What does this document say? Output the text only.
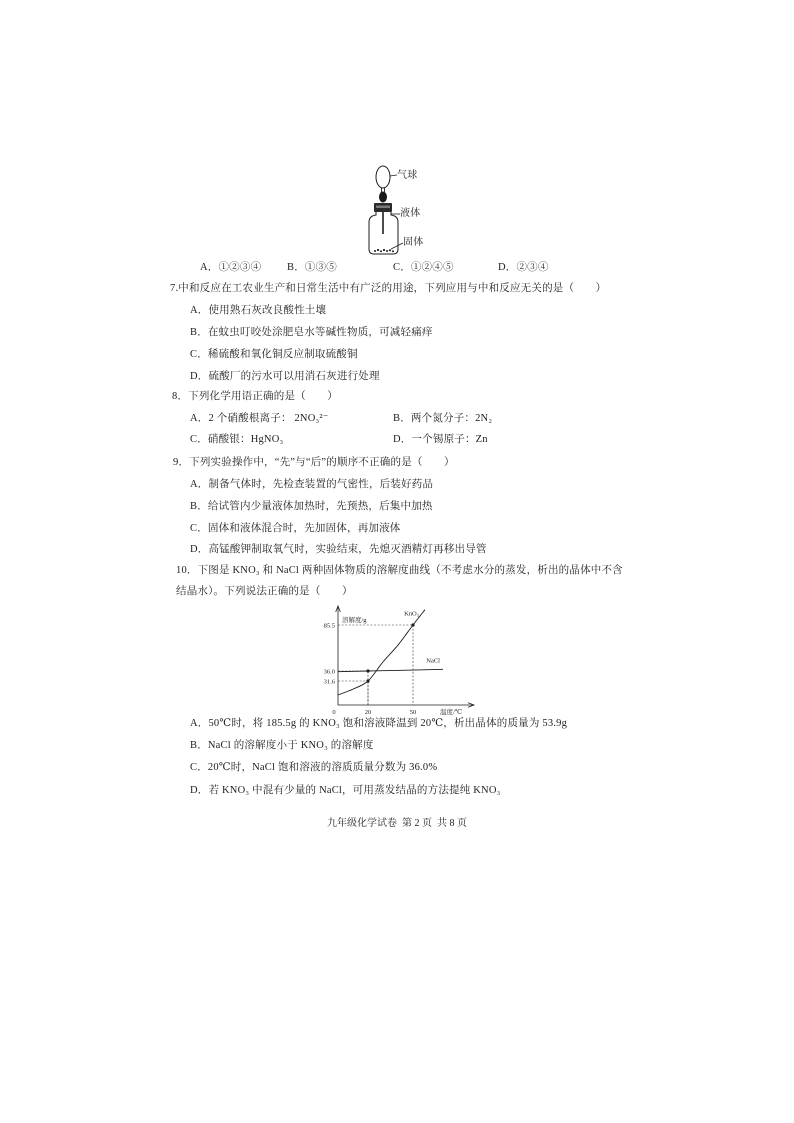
气球
液体
固体
A．①②③④ B．①③⑤	C．①②④⑤	D．②③④
7.中和反应在工农业生产和日常生活中有广泛的用途，下列应用与中和反应无关的是（　　）
A．使用熟石灰改良酸性土壤
B．在蚊虫叮咬处涂肥皂水等碱性物质，可减轻痛痒
C．稀硫酸和氧化铜反应制取硫酸铜
D．硫酸厂的污水可以用消石灰进行处理
8．下列化学用语正确的是（　　）
A．2 个硝酸根离子： 2NO₃²⁻	B．两个氮分子：2N₂
C．硝酸银：HgNO₃	D．一个锡原子：Zn
9．下列实验操作中，“先”与“后”的顺序不正确的是（　　）
A．制备气体时，先检查装置的气密性，后装好药品
B．给试管内少量液体加热时，先预热，后集中加热
C．固体和液体混合时，先加固体，再加液体
D．高锰酸钾制取氧气时，实验结束，先熄灭酒精灯再移出导管
10．下图是 KNO₃ 和 NaCl 两种固体物质的溶解度曲线（不考虑水分的蒸发，析出的晶体中不含
结晶水）。下列说法正确的是（　　）
KnO₃
NaCl
31.6
36.0
85.5
0	20	50
溶解度/g
温度/℃
A．50℃时，将 185.5g 的 KNO₃ 饱和溶液降温到 20℃，析出晶体的质量为 53.9g
B．NaCl 的溶解度小于 KNO₃ 的溶解度
C．20℃时，NaCl 饱和溶液的溶质质量分数为 36.0%
D．若 KNO₃ 中混有少量的 NaCl，可用蒸发结晶的方法提纯 KNO₃
九年级化学试卷  第 2 页  共 8 页
